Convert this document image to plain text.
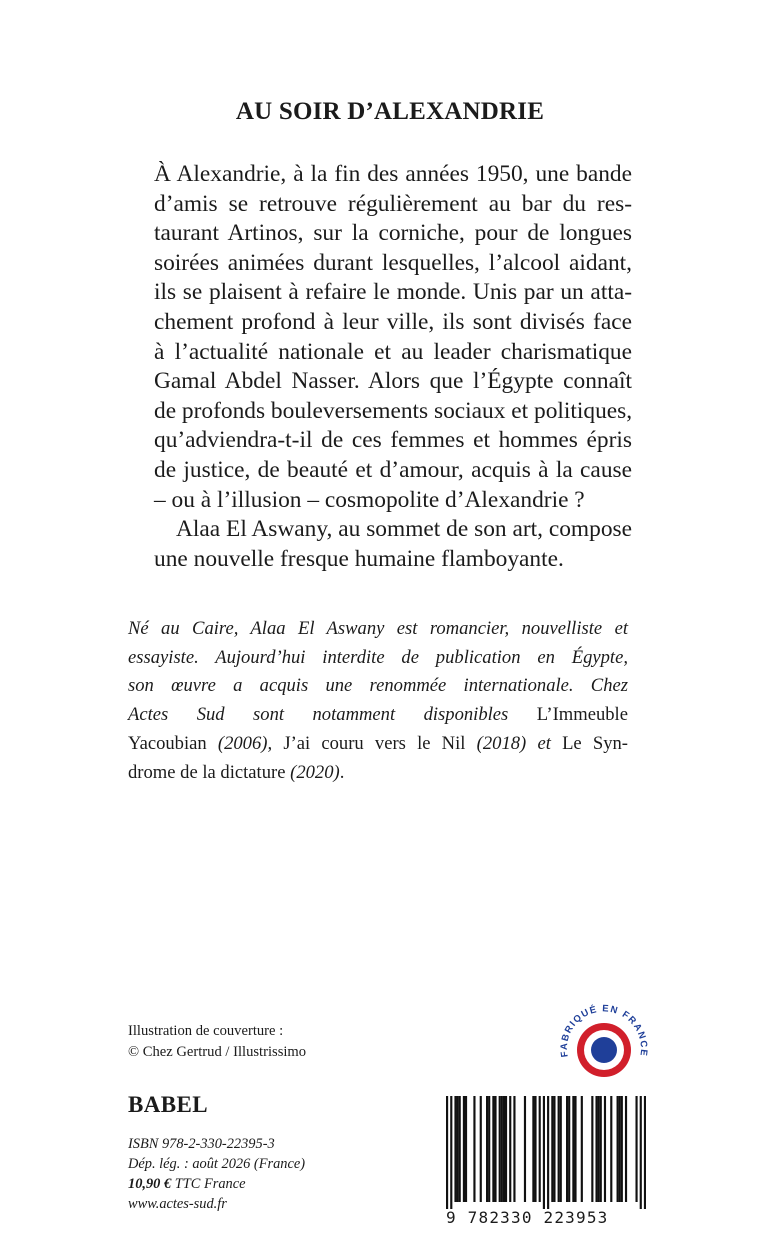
AU SOIR D’ALEXANDRIE
À Alexandrie, à la fin des années 1950, une bande
d’amis se retrouve régulièrement au bar du res-
taurant Artinos, sur la corniche, pour de longues
soirées animées durant lesquelles, l’alcool aidant,
ils se plaisent à refaire le monde. Unis par un atta-
chement profond à leur ville, ils sont divisés face
à l’actualité nationale et au leader charismatique
Gamal Abdel Nasser. Alors que l’Égypte connaît
de profonds bouleversements sociaux et politiques,
qu’adviendra-t-il de ces femmes et hommes épris
de justice, de beauté et d’amour, acquis à la cause
– ou à l’illusion – cosmopolite d’Alexandrie ?
Alaa El Aswany, au sommet de son art, compose
une nouvelle fresque humaine flamboyante.
Né au Caire, Alaa El Aswany est romancier, nouvelliste et
essayiste. Aujourd’hui interdite de publication en Égypte,
son œuvre a acquis une renommée internationale. Chez
Actes Sud sont notamment disponibles L’Immeuble
Yacoubian (2006), J’ai couru vers le Nil (2018) et Le Syn-
drome de la dictature (2020).
Illustration de couverture :
© Chez Gertrud / Illustrissimo	FABRIQUÉ EN FRANCE
BABEL
ISBN 978-2-330-22395-3
Dép. lég. : août 2026 (France)
10,90 € TTC France
www.actes-sud.fr
9 782330 223953
